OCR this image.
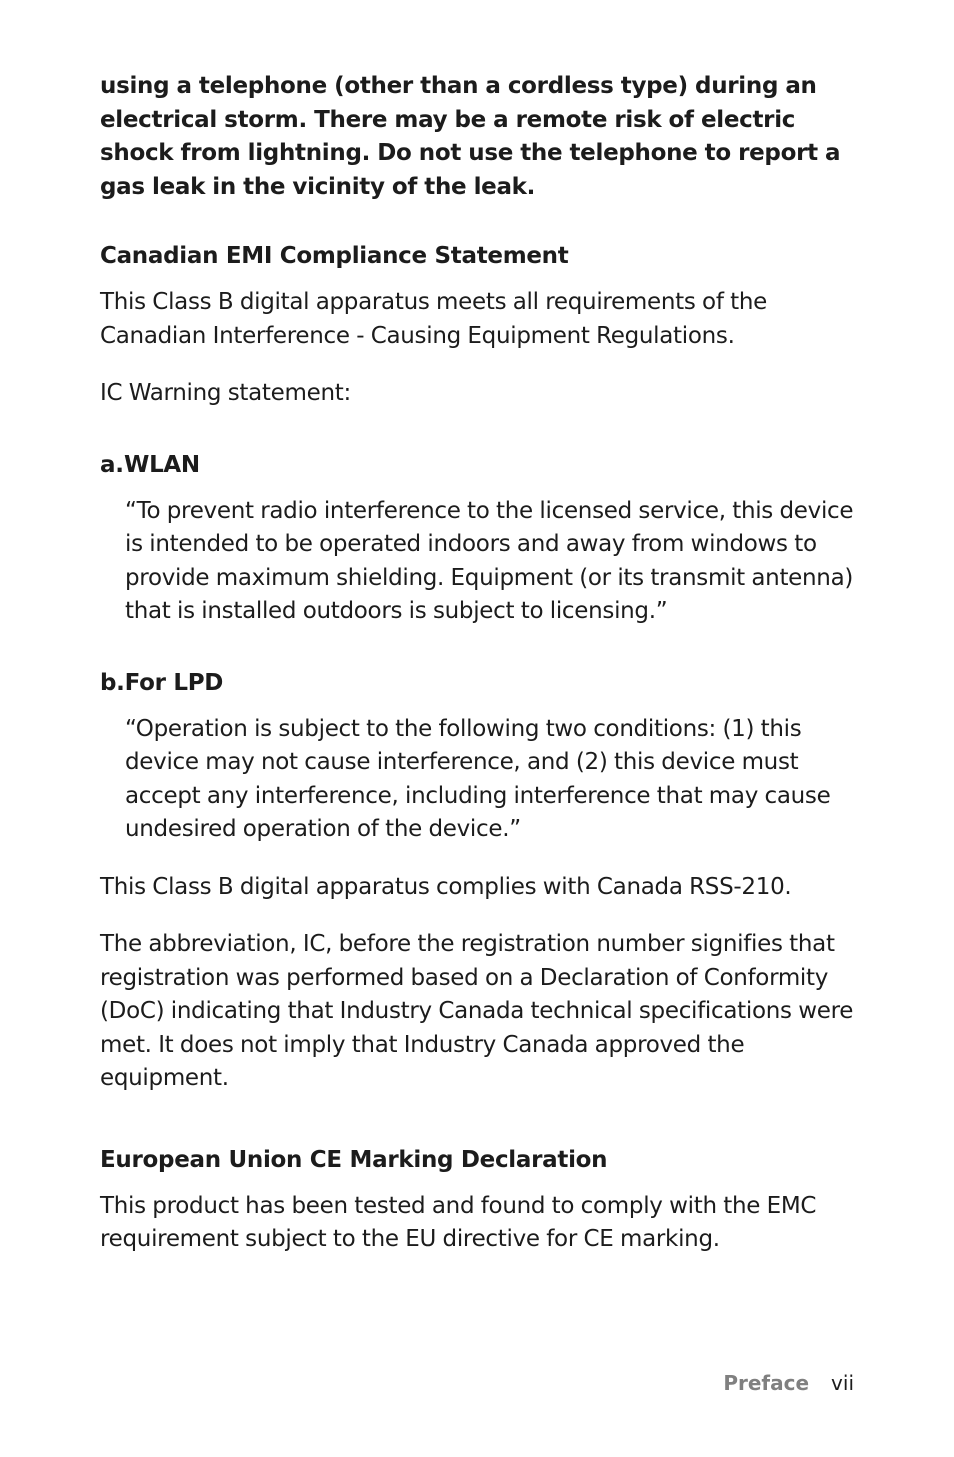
using a telephone (other than a cordless type) during an electrical storm. There may be a remote risk of electric shock from lightning. Do not use the telephone to report a gas leak in the vicinity of the leak.

Canadian EMI Compliance Statement

This Class B digital apparatus meets all requirements of the Canadian Interference - Causing Equipment Regulations.

IC Warning statement:

a.WLAN

“To prevent radio interference to the licensed service, this device is intended to be operated indoors and away from windows to provide maximum shielding. Equipment (or its transmit antenna) that is installed outdoors is subject to licensing.”

b.For LPD

“Operation is subject to the following two conditions: (1) this device may not cause interference, and (2) this device must accept any interference, including interference that may cause undesired operation of the device.”

This Class B digital apparatus complies with Canada RSS-210.

The abbreviation, IC, before the registration number signifies that registration was performed based on a Declaration of Conformity (DoC) indicating that Industry Canada technical specifications were met. It does not imply that Industry Canada approved the equipment.

European Union CE Marking Declaration

This product has been tested and found to comply with the EMC requirement subject to the EU directive for CE marking.

Preface vii
